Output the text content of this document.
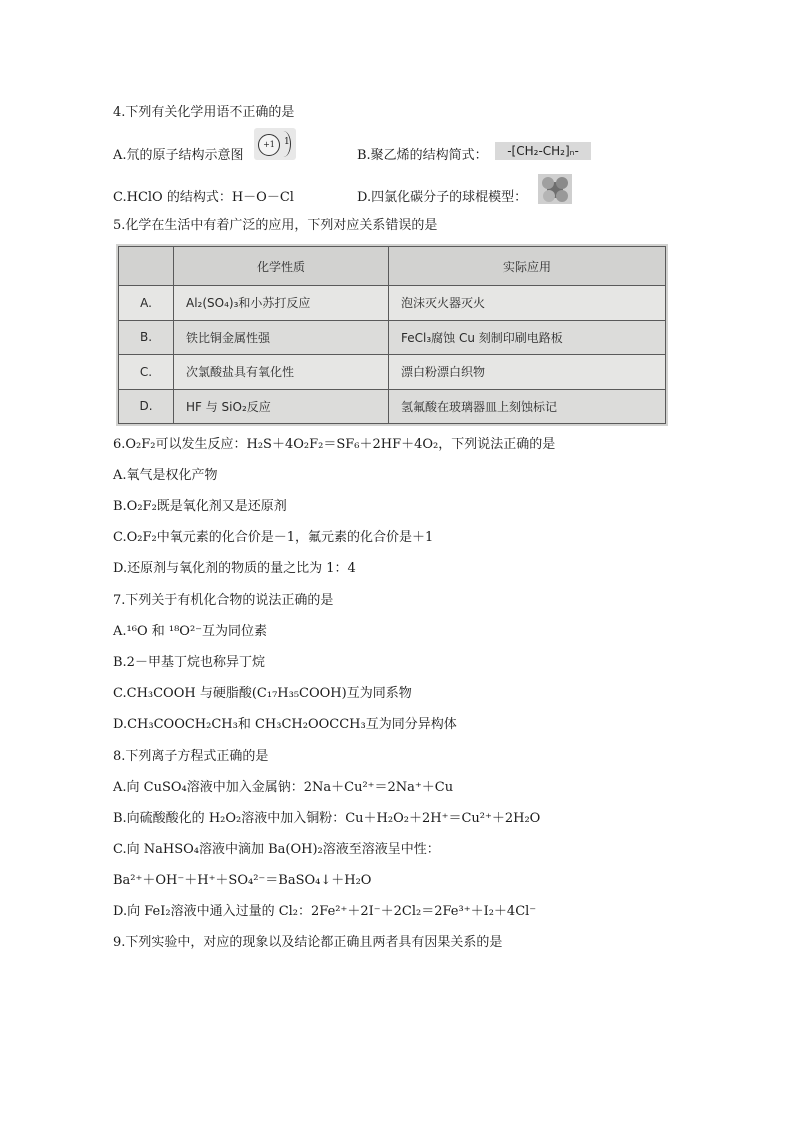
4.下列有关化学用语不正确的是
A.氘的原子结构示意图
+1	1
B.聚乙烯的结构简式：	-[CH₂-CH₂]ₙ-
C.HClO 的结构式：H－O－Cl	D.四氯化碳分子的球棍模型：
5.化学在生活中有着广泛的应用，下列对应关系错误的是
	化学性质	实际应用
A.	Al₂(SO₄)₃和小苏打反应	泡沫灭火器灭火
B.	铁比铜金属性强	FeCl₃腐蚀 Cu 刻制印刷电路板
C.	次氯酸盐具有氧化性	漂白粉漂白织物
D.	HF 与 SiO₂反应	氢氟酸在玻璃器皿上刻蚀标记
6.O₂F₂可以发生反应：H₂S＋4O₂F₂＝SF₆＋2HF＋4O₂，下列说法正确的是
A.氧气是权化产物
B.O₂F₂既是氧化剂又是还原剂
C.O₂F₂中氧元素的化合价是－1，氟元素的化合价是＋1
D.还原剂与氧化剂的物质的量之比为 1：4
7.下列关于有机化合物的说法正确的是
A.¹⁶O 和 ¹⁸O²⁻互为同位素
B.2－甲基丁烷也称异丁烷
C.CH₃COOH 与硬脂酸(C₁₇H₃₅COOH)互为同系物
D.CH₃COOCH₂CH₃和 CH₃CH₂OOCCH₃互为同分异构体
8.下列离子方程式正确的是
A.向 CuSO₄溶液中加入金属钠：2Na＋Cu²⁺＝2Na⁺＋Cu
B.向硫酸酸化的 H₂O₂溶液中加入铜粉：Cu＋H₂O₂＋2H⁺＝Cu²⁺＋2H₂O
C.向 NaHSO₄溶液中滴加 Ba(OH)₂溶液至溶液呈中性：
Ba²⁺＋OH⁻＋H⁺＋SO₄²⁻＝BaSO₄↓＋H₂O
D.向 FeI₂溶液中通入过量的 Cl₂：2Fe²⁺＋2I⁻＋2Cl₂＝2Fe³⁺＋I₂＋4Cl⁻
9.下列实验中，对应的现象以及结论都正确且两者具有因果关系的是
